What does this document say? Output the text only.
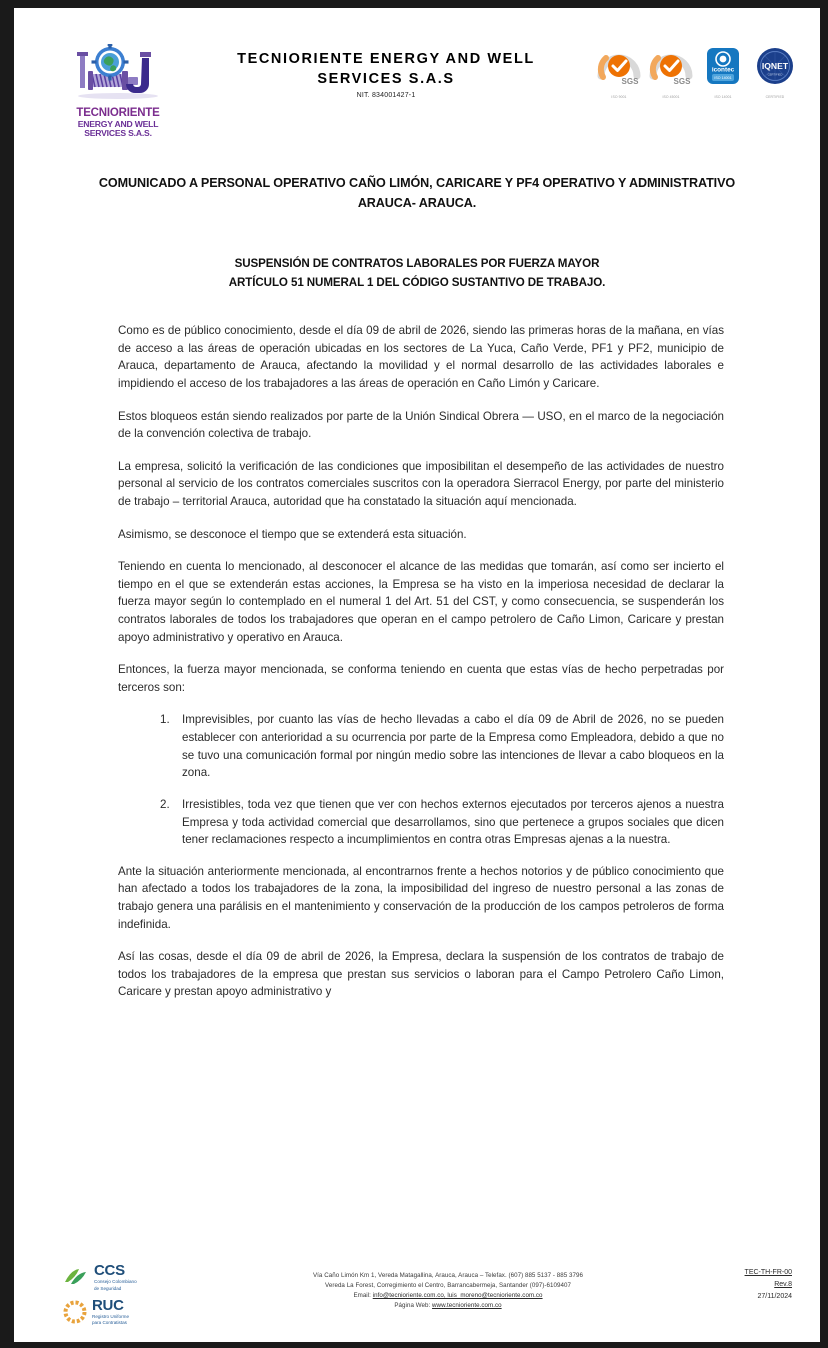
TECNIORIENTE
ENERGY AND WELL
SERVICES S.A.S.
TECNIORIENTE ENERGY AND WELL SERVICES S.A.S
NIT. 834001427-1
SGS
ISO 9001
SGS
ISO 45001
icontec
ISO 14001
ISO 14001
IQNET
CERTIFIED
CERTIFIED
COMUNICADO A PERSONAL OPERATIVO CAÑO LIMÓN, CARICARE Y PF4 OPERATIVO Y ADMINISTRATIVO ARAUCA- ARAUCA.
SUSPENSIÓN DE CONTRATOS LABORALES POR FUERZA MAYOR
ARTÍCULO 51 NUMERAL 1 DEL CÓDIGO SUSTANTIVO DE TRABAJO.

Como es de público conocimiento, desde el día 09 de abril de 2026, siendo las primeras horas de la mañana, en vías de acceso a las áreas de operación ubicadas en los sectores de La Yuca, Caño Verde, PF1 y PF2, municipio de Arauca, departamento de Arauca, afectando la movilidad y el normal desarrollo de las actividades laborales e impidiendo el acceso de los trabajadores a las áreas de operación en Caño Limón y Caricare.

Estos bloqueos están siendo realizados por parte de la Unión Sindical Obrera — USO, en el marco de la negociación de la convención colectiva de trabajo.

La empresa, solicitó la verificación de las condiciones que imposibilitan el desempeño de las actividades de nuestro personal al servicio de los contratos comerciales suscritos con la operadora Sierracol Energy, por parte del ministerio de trabajo – territorial Arauca, autoridad que ha constatado la situación aquí mencionada.

Asimismo, se desconoce el tiempo que se extenderá esta situación.

Teniendo en cuenta lo mencionado, al desconocer el alcance de las medidas que tomarán, así como ser incierto el tiempo en el que se extenderán estas acciones, la Empresa se ha visto en la imperiosa necesidad de declarar la fuerza mayor según lo contemplado en el numeral 1 del Art. 51 del CST, y como consecuencia, se suspenderán los contratos laborales de todos los trabajadores que operan en el campo petrolero de Caño Limon, Caricare y prestan apoyo administrativo y operativo en Arauca.

Entonces, la fuerza mayor mencionada, se conforma teniendo en cuenta que estas vías de hecho perpetradas por terceros son:

Imprevisibles, por cuanto las vías de hecho llevadas a cabo el día 09 de Abril de 2026, no se pueden establecer con anterioridad a su ocurrencia por parte de la Empresa como Empleadora, debido a que no se tuvo una comunicación formal por ningún medio sobre las intenciones de llevar a cabo bloqueos en la zona.
Irresistibles, toda vez que tienen que ver con hechos externos ejecutados por terceros ajenos a nuestra Empresa y toda actividad comercial que desarrollamos, sino que pertenece a grupos sociales que dicen tener reclamaciones respecto a incumplimientos en contra otras Empresas ajenas a la nuestra.

Ante la situación anteriormente mencionada, al encontrarnos frente a hechos notorios y de público conocimiento que han afectado a todos los trabajadores de la zona, la imposibilidad del ingreso de nuestro personal a las zonas de trabajo genera una parálisis en el mantenimiento y conservación de la producción de los campos petroleros de forma indefinida.

Así las cosas, desde el día 09 de abril de 2026, la Empresa, declara la suspensión de los contratos de trabajo de todos los trabajadores de la empresa que prestan sus servicios o laboran para el Campo Petrolero Caño Limon, Caricare y prestan apoyo administrativo y

CCS
Consejo Colombiano
de Seguridad
RUC
Registro Uniforme
para Contratistas
Vía Caño Limón Km 1, Vereda Matagallina, Arauca, Arauca – Telefax. (607) 885 5137 - 885 3796
Vereda La Forest, Corregimiento el Centro, Barrancabermeja, Santander (097)-6109407
Email: info@tecnioriente.com.co, luis_moreno@tecnioriente.com.co
Página Web: www.tecnioriente.com.co
TEC-TH-FR-00
Rev.8
27/11/2024
